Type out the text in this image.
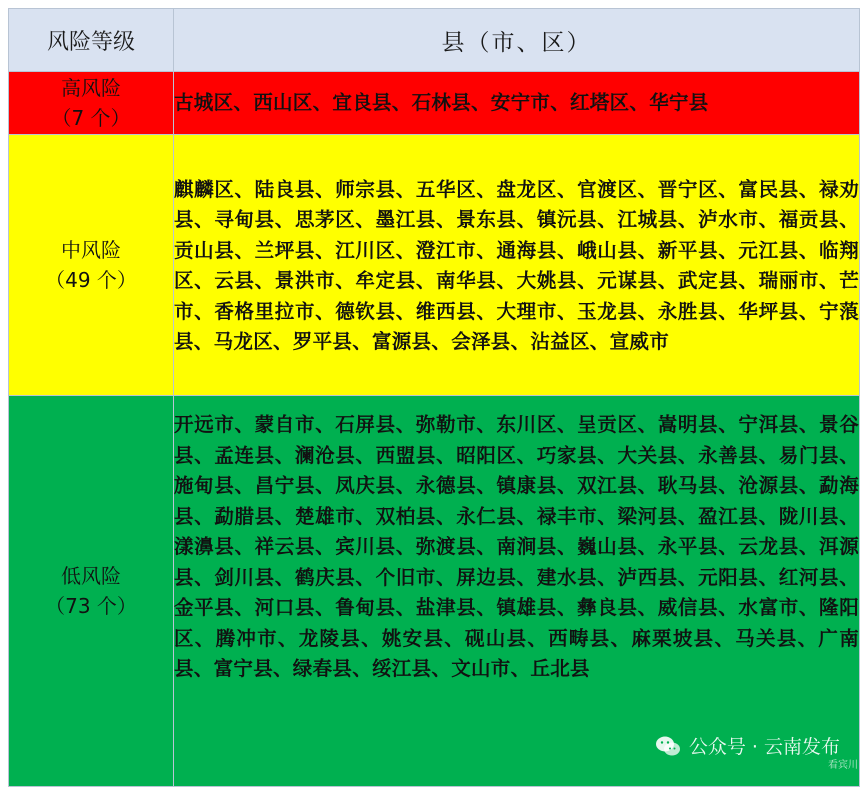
风险等级	县（市、区）

高风险
（7 个）	古城区、西山区、宜良县、石林县、安宁市、红塔区、华宁县

中风险
（49 个）	麒麟区、陆良县、师宗县、五华区、盘龙区、官渡区、晋宁区、富民县、禄劝县、寻甸县、思茅区、墨江县、景东县、镇沅县、江城县、泸水市、福贡县、贡山县、兰坪县、江川区、澄江市、通海县、峨山县、新平县、元江县、临翔区、云县、景洪市、牟定县、南华县、大姚县、元谋县、武定县、瑞丽市、芒市、香格里拉市、德钦县、维西县、大理市、玉龙县、永胜县、华坪县、宁蒗县、马龙区、罗平县、富源县、会泽县、沾益区、宣威市

低风险
（73 个）	开远市、蒙自市、石屏县、弥勒市、东川区、呈贡区、嵩明县、宁洱县、景谷县、孟连县、澜沧县、西盟县、昭阳区、巧家县、大关县、永善县、易门县、施甸县、昌宁县、凤庆县、永德县、镇康县、双江县、耿马县、沧源县、勐海县、勐腊县、楚雄市、双柏县、永仁县、禄丰市、梁河县、盈江县、陇川县、漾濞县、祥云县、宾川县、弥渡县、南涧县、巍山县、永平县、云龙县、洱源县、剑川县、鹤庆县、个旧市、屏边县、建水县、泸西县、元阳县、红河县、金平县、河口县、鲁甸县、盐津县、镇雄县、彝良县、威信县、水富市、隆阳区、腾冲市、龙陵县、姚安县、砚山县、西畴县、麻栗坡县、马关县、广南县、富宁县、绿春县、绥江县、文山市、丘北县
公众号 · 云南发布
看宾川
